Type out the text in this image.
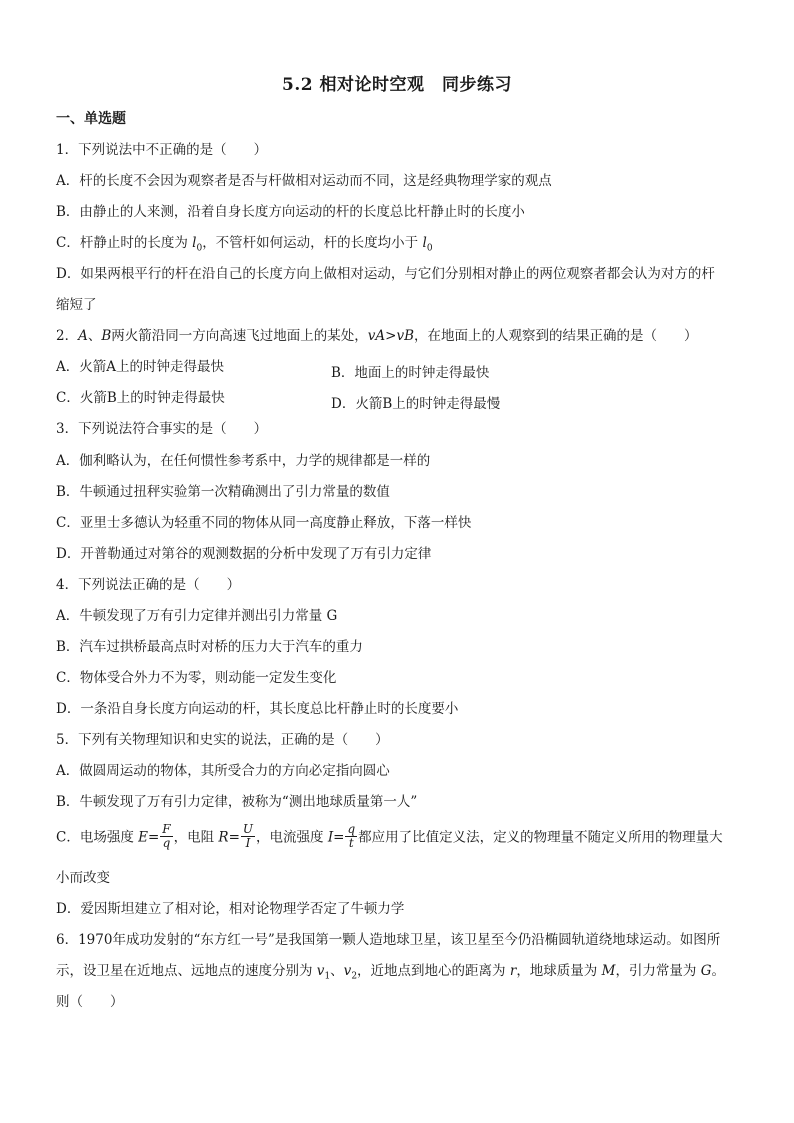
5.2 相对论时空观　同步练习
一、单选题
1．下列说法中不正确的是（　　）
A．杆的长度不会因为观察者是否与杆做相对运动而不同，这是经典物理学家的观点
B．由静止的人来测，沿着自身长度方向运动的杆的长度总比杆静止时的长度小
C．杆静止时的长度为 $l_0$，不管杆如何运动，杆的长度均小于 $l_0$
D．如果两根平行的杆在沿自己的长度方向上做相对运动，与它们分别相对静止的两位观察者都会认为对方的杆
缩短了
2．A、B两火箭沿同一方向高速飞过地面上的某处，vA>vB，在地面上的人观察到的结果正确的是（　　）
A．火箭A上的时钟走得最快	B．地面上的时钟走得最快
C．火箭B上的时钟走得最快	D．火箭B上的时钟走得最慢
3．下列说法符合事实的是（　　）
A．伽利略认为，在任何惯性参考系中，力学的规律都是一样的
B．牛顿通过扭秤实验第一次精确测出了引力常量的数值
C．亚里士多德认为轻重不同的物体从同一高度静止释放，下落一样快
D．开普勒通过对第谷的观测数据的分析中发现了万有引力定律
4．下列说法正确的是（　　）
A．牛顿发现了万有引力定律并测出引力常量 G
B．汽车过拱桥最高点时对桥的压力大于汽车的重力
C．物体受合外力不为零，则动能一定发生变化
D．一条沿自身长度方向运动的杆，其长度总比杆静止时的长度要小
5．下列有关物理知识和史实的说法，正确的是（　　）
A．做圆周运动的物体，其所受合力的方向必定指向圆心
B．牛顿发现了万有引力定律，被称为“测出地球质量第一人”
C．电场强度 $E= \frac{F}{q}$ ，电阻 $R= \frac{U}{I}$ ，电流强度 $I= \frac{q}{t}$ 都应用了比值定义法，定义的物理量不随定义所用的物理量大
小而改变
D．爱因斯坦建立了相对论，相对论物理学否定了牛顿力学
6．1970年成功发射的“东方红一号”是我国第一颗人造地球卫星，该卫星至今仍沿椭圆轨道绕地球运动。如图所
示，设卫星在近地点、远地点的速度分别为 $v_1$、$v_2$，近地点到地心的距离为 r，地球质量为 M，引力常量为 G。
则（　　）
